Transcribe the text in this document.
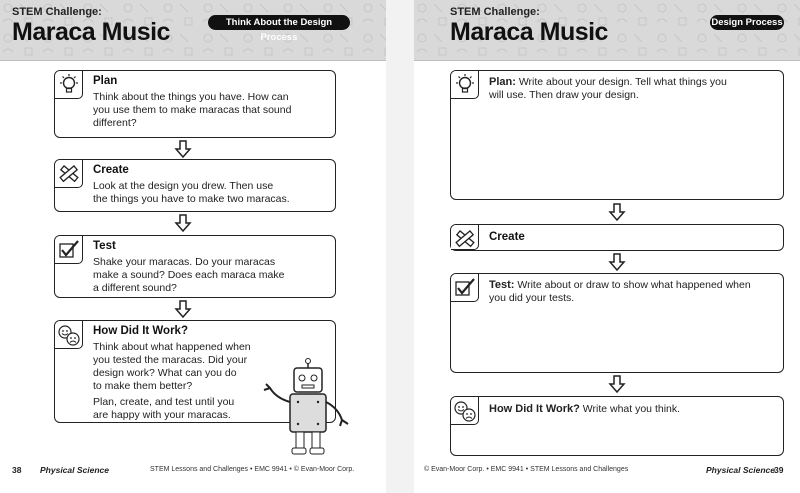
STEM Challenge:
Maraca Music	Think About the Design Process
Plan
Think about the things you have. How can
you use them to make maracas that sound
different?
Create
Look at the design you drew. Then use
the things you have to make two maracas.
Test
Shake your maracas. Do your maracas
make a sound? Does each maraca make
a different sound?
How Did It Work?
Think about what happened when
you tested the maracas. Did your
design work? What can you do
to make them better?
Plan, create, and test until you
are happy with your maracas.
38 Physical Science	STEM Lessons and Challenges • EMC 9941 • © Evan-Moor Corp.
STEM Challenge:
Maraca Music	Design Process
Plan: Write about your design. Tell what things you
will use. Then draw your design.
Create
Test: Write about or draw to show what happened when
you did your tests.
How Did It Work? Write what you think.
© Evan-Moor Corp. • EMC 9941 • STEM Lessons and Challenges	Physical Science 39
